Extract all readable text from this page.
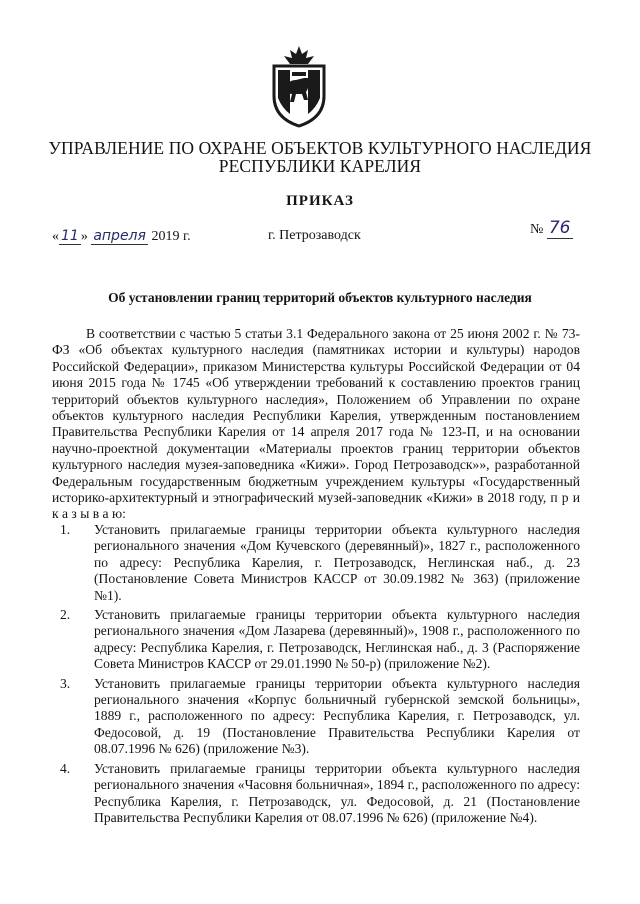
УПРАВЛЕНИЕ ПО ОХРАНЕ ОБЪЕКТОВ КУЛЬТУРНОГО НАСЛЕДИЯ
РЕСПУБЛИКИ КАРЕЛИЯ
ПРИКАЗ
« 11 » апреля 2019 г.	г. Петрозаводск	№ 76
Об установлении границ территорий объектов культурного наследия

В соответствии с частью 5 статьи 3.1 Федерального закона от 25 июня 2002 г. № 73-ФЗ «Об объектах культурного наследия (памятниках истории и культуры) народов Российской Федерации», приказом Министерства культуры Российской Федерации от 04 июня 2015 года № 1745 «Об утверждении требований к составлению проектов границ территорий объектов культурного наследия», Положением об Управлении по охране объектов культурного наследия Республики Карелия, утвержденным постановлением Правительства Республики Карелия от 14 апреля 2017 года № 123-П, и на основании научно-проектной документации «Материалы проектов границ территории объектов культурного наследия музея-заповедника «Кижи». Город Петрозаводск»», разработанной Федеральным государственным бюджетным учреждением культуры «Государственный историко-архитектурный и этнографический музей-заповедник «Кижи» в 2018 году, п р и к а з ы в а ю:

1.	Установить прилагаемые границы территории объекта культурного наследия регионального значения «Дом Кучевского (деревянный)», 1827 г., расположенного по адресу: Республика Карелия, г. Петрозаводск, Неглинская наб., д. 23 (Постановление Совета Министров КАССР от 30.09.1982 № 363) (приложение №1).
2.	Установить прилагаемые границы территории объекта культурного наследия регионального значения «Дом Лазарева (деревянный)», 1908 г., расположенного по адресу: Республика Карелия, г. Петрозаводск, Неглинская наб., д. 3 (Распоряжение Совета Министров КАССР от 29.01.1990 № 50-р) (приложение №2).
3.	Установить прилагаемые границы территории объекта культурного наследия регионального значения «Корпус больничный губернской земской больницы», 1889 г., расположенного по адресу: Республика Карелия, г. Петрозаводск, ул. Федосовой, д. 19 (Постановление Правительства Республики Карелия от 08.07.1996 № 626) (приложение №3).
4.	Установить прилагаемые границы территории объекта культурного наследия регионального значения «Часовня больничная», 1894 г., расположенного по адресу: Республика Карелия, г. Петрозаводск, ул. Федосовой, д. 21 (Постановление Правительства Республики Карелия от 08.07.1996 № 626) (приложение №4).
